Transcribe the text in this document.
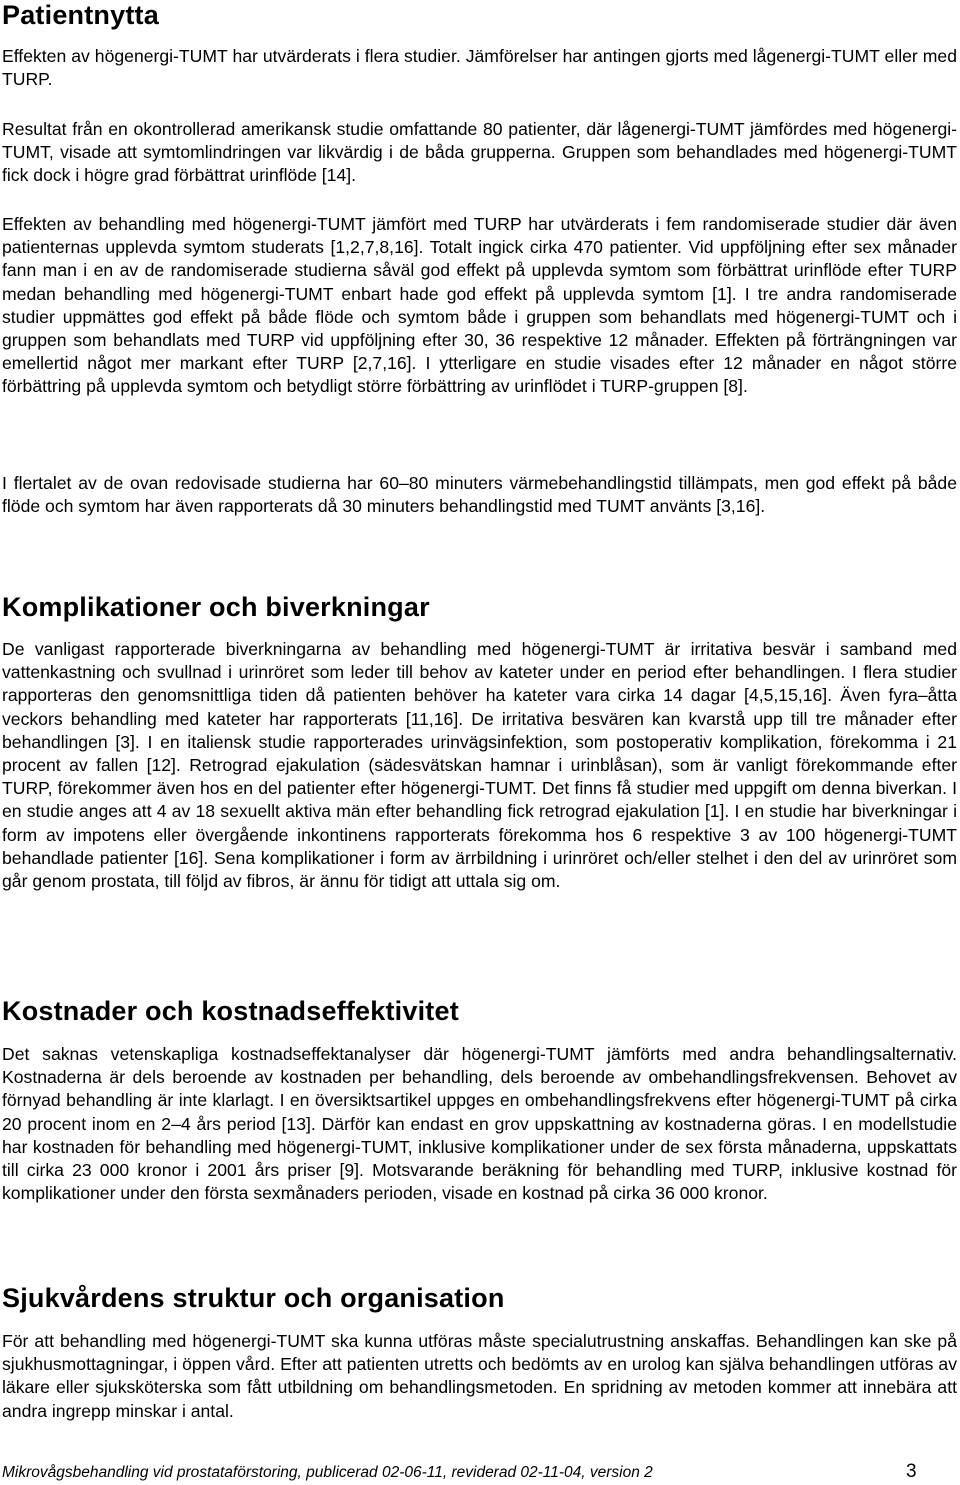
Patientnytta

Effekten av högenergi-TUMT har utvärderats i flera studier. Jämförelser har antingen gjorts med lågenergi-TUMT eller med TURP.

Resultat från en okontrollerad amerikansk studie omfattande 80 patienter, där lågenergi-TUMT jämfördes med högenergi-TUMT, visade att symtomlindringen var likvärdig i de båda grupperna. Gruppen som behandlades med högenergi-TUMT fick dock i högre grad förbättrat urinflöde [14].

Effekten av behandling med högenergi-TUMT jämfört med TURP har utvärderats i fem randomiserade studier där även patienternas upplevda symtom studerats [1,2,7,8,16]. Totalt ingick cirka 470 patienter. Vid uppföljning efter sex månader fann man i en av de randomiserade studierna såväl god effekt på upplevda symtom som förbättrat urinflöde efter TURP medan behandling med högenergi-TUMT enbart hade god effekt på upplevda symtom [1]. I tre andra randomiserade studier uppmättes god effekt på både flöde och symtom både i gruppen som behandlats med högenergi-TUMT och i gruppen som behandlats med TURP vid uppföljning efter 30, 36 respektive 12 månader. Effekten på förträngningen var emellertid något mer markant efter TURP [2,7,16]. I ytterligare en studie visades efter 12 månader en något större förbättring på upplevda symtom och betydligt större förbättring av urinflödet i TURP-gruppen [8].

I flertalet av de ovan redovisade studierna har 60–80 minuters värmebehandlingstid tillämpats, men god effekt på både flöde och symtom har även rapporterats då 30 minuters behandlingstid med TUMT använts [3,16].

Komplikationer och biverkningar

De vanligast rapporterade biverkningarna av behandling med högenergi-TUMT är irritativa besvär i samband med vattenkastning och svullnad i urinröret som leder till behov av kateter under en period efter behandlingen. I flera studier rapporteras den genomsnittliga tiden då patienten behöver ha kateter vara cirka 14 dagar [4,5,15,16]. Även fyra–åtta veckors behandling med kateter har rapporterats [11,16]. De irritativa besvären kan kvarstå upp till tre månader efter behandlingen [3]. I en italiensk studie rapporterades urinvägsinfektion, som postoperativ komplikation, förekomma i 21 procent av fallen [12]. Retrograd ejakulation (sädesvätskan hamnar i urinblåsan), som är vanligt förekommande efter TURP, förekommer även hos en del patienter efter högenergi-TUMT. Det finns få studier med uppgift om denna biverkan. I en studie anges att 4 av 18 sexuellt aktiva män efter behandling fick retrograd ejakulation [1]. I en studie har biverkningar i form av impotens eller övergående inkontinens rapporterats förekomma hos 6 respektive 3 av 100 högenergi-TUMT behandlade patienter [16]. Sena komplikationer i form av ärrbildning i urinröret och/eller stelhet i den del av urinröret som går genom prostata, till följd av fibros, är ännu för tidigt att uttala sig om.

Kostnader och kostnadseffektivitet

Det saknas vetenskapliga kostnadseffektanalyser där högenergi-TUMT jämförts med andra behandlingsalternativ. Kostnaderna är dels beroende av kostnaden per behandling, dels beroende av ombehandlingsfrekvensen. Behovet av förnyad behandling är inte klarlagt. I en översiktsartikel uppges en ombehandlingsfrekvens efter högenergi-TUMT på cirka 20 procent inom en 2–4 års period [13]. Därför kan endast en grov uppskattning av kostnaderna göras. I en modellstudie har kostnaden för behandling med högenergi-TUMT, inklusive komplikationer under de sex första månaderna, uppskattats till cirka 23 000 kronor i 2001 års priser [9]. Motsvarande beräkning för behandling med TURP, inklusive kostnad för komplikationer under den första sexmånaders perioden, visade en kostnad på cirka 36 000 kronor.

Sjukvårdens struktur och organisation

För att behandling med högenergi-TUMT ska kunna utföras måste specialutrustning anskaffas. Behandlingen kan ske på sjukhusmottagningar, i öppen vård. Efter att patienten utretts och bedömts av en urolog kan själva behandlingen utföras av läkare eller sjuksköterska som fått utbildning om behandlingsmetoden. En spridning av metoden kommer att innebära att andra ingrepp minskar i antal.

Mikrovågsbehandling vid prostataförstoring, publicerad 02-06-11, reviderad 02-11-04, version 2	3
